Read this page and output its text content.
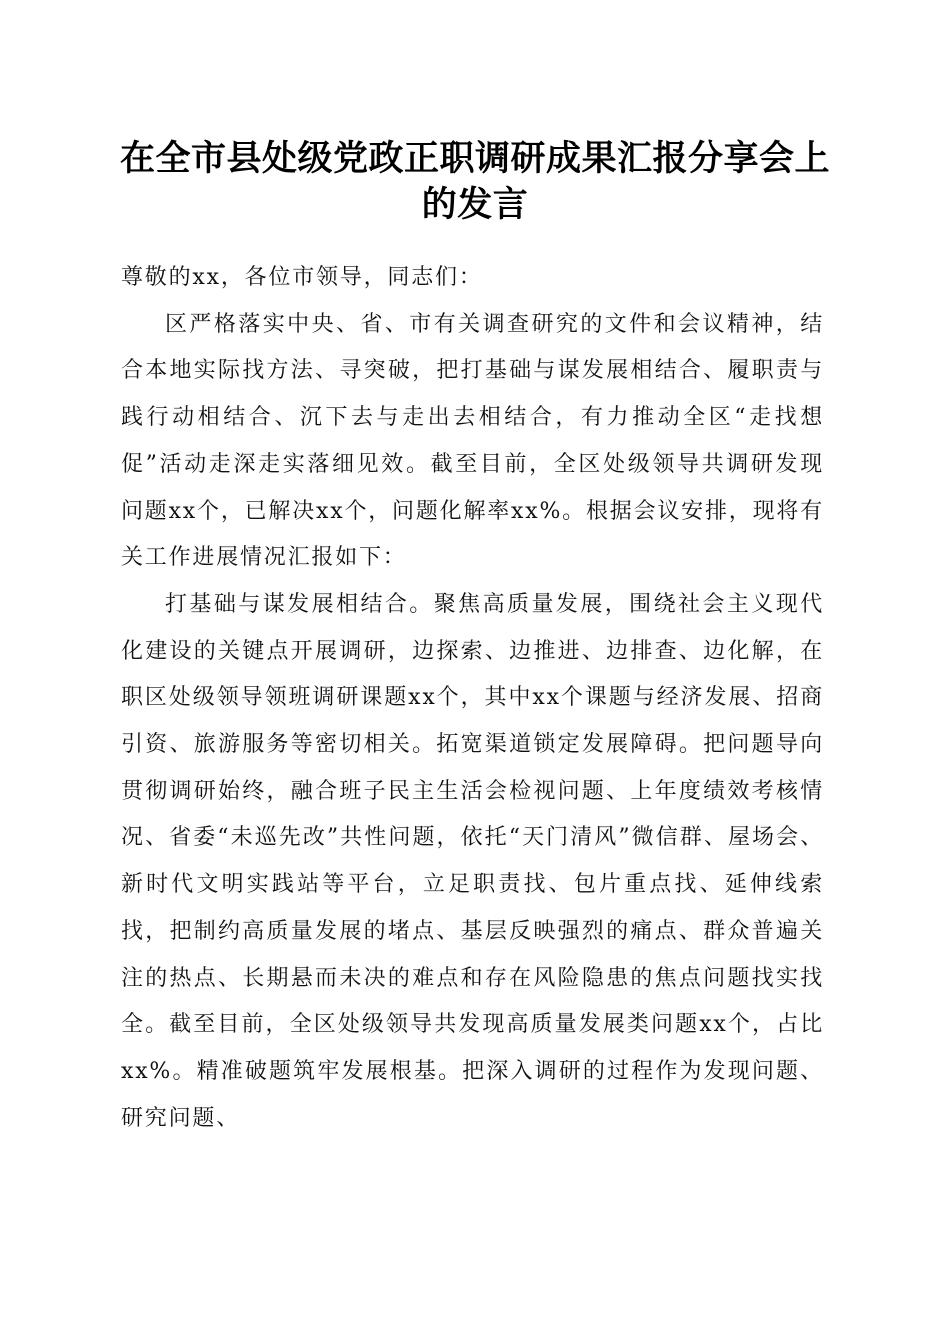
在全市县处级党政正职调研成果汇报分享会上的发言

尊敬的xx，各位市领导，同志们：

区严格落实中央、省、市有关调查研究的文件和会议精神，结合本地实际找方法、寻突破，把打基础与谋发展相结合、履职责与践行动相结合、沉下去与走出去相结合，有力推动全区“走找想促”活动走深走实落细见效。截至目前，全区处级领导共调研发现问题xx个，已解决xx个，问题化解率xx%。根据会议安排，现将有关工作进展情况汇报如下：

打基础与谋发展相结合。聚焦高质量发展，围绕社会主义现代化建设的关键点开展调研，边探索、边推进、边排查、边化解，在职区处级领导领班调研课题xx个，其中xx个课题与经济发展、招商引资、旅游服务等密切相关。拓宽渠道锁定发展障碍。把问题导向贯彻调研始终，融合班子民主生活会检视问题、上年度绩效考核情况、省委“未巡先改”共性问题，依托“天门清风”微信群、屋场会、新时代文明实践站等平台，立足职责找、包片重点找、延伸线索找，把制约高质量发展的堵点、基层反映强烈的痛点、群众普遍关注的热点、长期悬而未决的难点和存在风险隐患的焦点问题找实找全。截至目前，全区处级领导共发现高质量发展类问题xx个，占比xx%。精准破题筑牢发展根基。把深入调研的过程作为发现问题、研究问题、
